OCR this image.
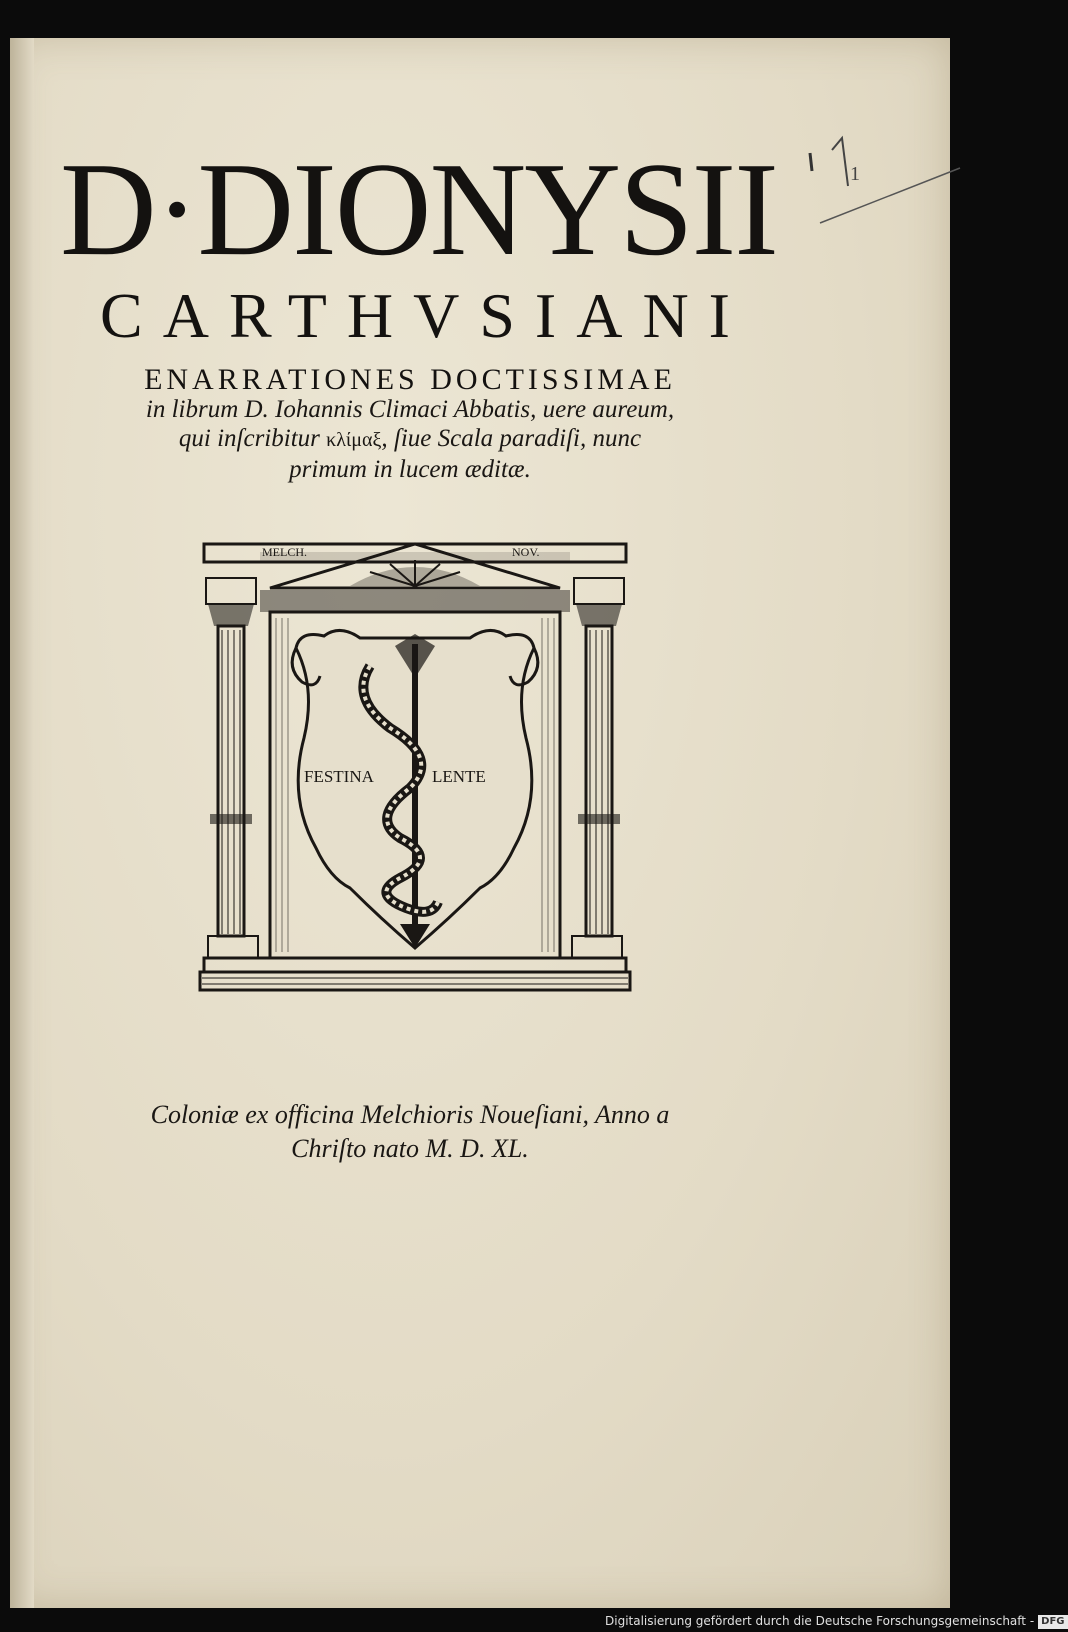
1
D·DIONYSII
CARTHVSIANI
ENARRATIONES DOCTISSIMAE
in librum D. Iohannis Climaci Abbatis, uere aureum,
qui inſcribitur κλίμαξ, ſiue Scala paradiſi, nunc
primum in lucem æditæ.
MELCH.	NOV.
FESTINA	LENTE
Coloniæ ex officina Melchioris Noueſiani, Anno a
Chriſto nato M. D. XL.
Digitalisierung gefördert durch die Deutsche Forschungsgemeinschaft - DFG
